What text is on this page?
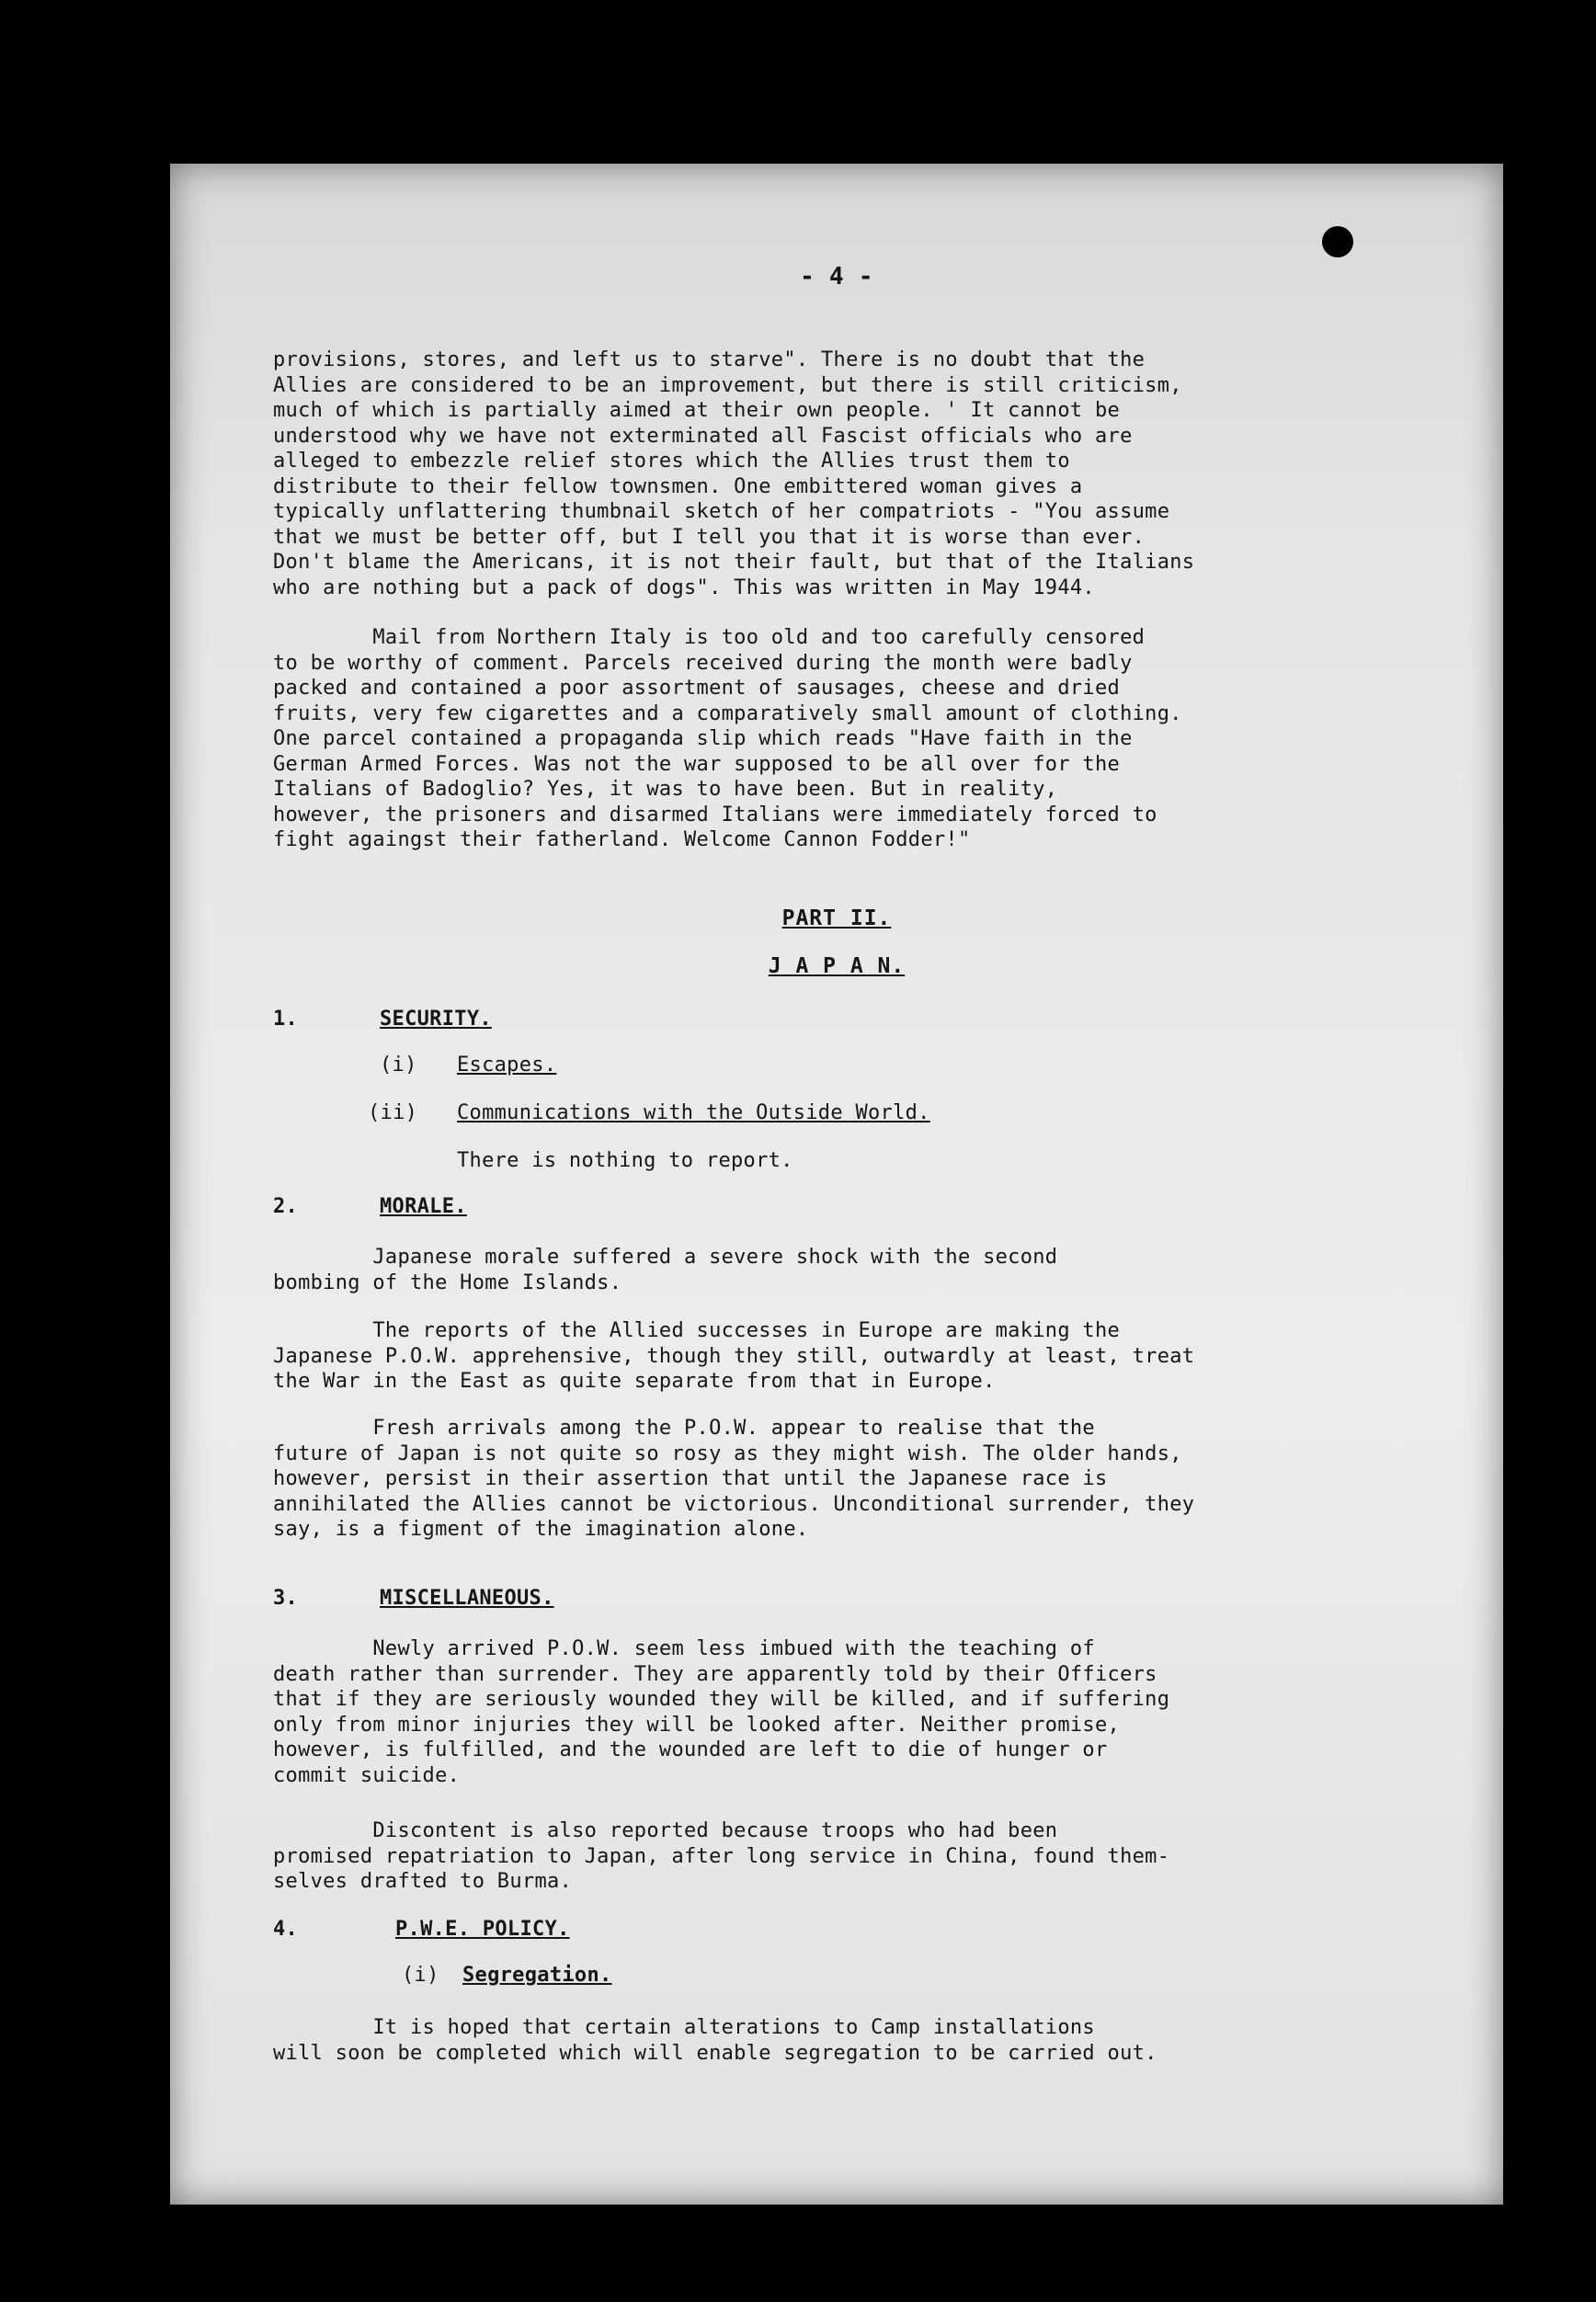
- 4 -
provisions, stores, and left us to starve". There is no doubt that the
Allies are considered to be an improvement, but there is still criticism,
much of which is partially aimed at their own people. ' It cannot be
understood why we have not exterminated all Fascist officials who are
alleged to embezzle relief stores which the Allies trust them to
distribute to their fellow townsmen. One embittered woman gives a
typically unflattering thumbnail sketch of her compatriots - "You assume
that we must be better off, but I tell you that it is worse than ever.
Don't blame the Americans, it is not their fault, but that of the Italians
who are nothing but a pack of dogs". This was written in May 1944.
Mail from Northern Italy is too old and too carefully censored
to be worthy of comment. Parcels received during the month were badly
packed and contained a poor assortment of sausages, cheese and dried
fruits, very few cigarettes and a comparatively small amount of clothing.
One parcel contained a propaganda slip which reads "Have faith in the
German Armed Forces. Was not the war supposed to be all over for the
Italians of Badoglio? Yes, it was to have been. But in reality,
however, the prisoners and disarmed Italians were immediately forced to
fight againgst their fatherland. Welcome Cannon Fodder!"
PART II.
J A P A N.
1.	SECURITY.
(i) Escapes.
(ii) Communications with the Outside World.
There is nothing to report.
2.	MORALE.
Japanese morale suffered a severe shock with the second
bombing of the Home Islands.
The reports of the Allied successes in Europe are making the
Japanese P.O.W. apprehensive, though they still, outwardly at least, treat
the War in the East as quite separate from that in Europe.
Fresh arrivals among the P.O.W. appear to realise that the
future of Japan is not quite so rosy as they might wish. The older hands,
however, persist in their assertion that until the Japanese race is
annihilated the Allies cannot be victorious. Unconditional surrender, they
say, is a figment of the imagination alone.
3.	MISCELLANEOUS.
Newly arrived P.O.W. seem less imbued with the teaching of
death rather than surrender. They are apparently told by their Officers
that if they are seriously wounded they will be killed, and if suffering
only from minor injuries they will be looked after. Neither promise,
however, is fulfilled, and the wounded are left to die of hunger or
commit suicide.
Discontent is also reported because troops who had been
promised repatriation to Japan, after long service in China, found them-
selves drafted to Burma.
4.	P.W.E. POLICY.
(i) Segregation.
It is hoped that certain alterations to Camp installations
will soon be completed which will enable segregation to be carried out.
